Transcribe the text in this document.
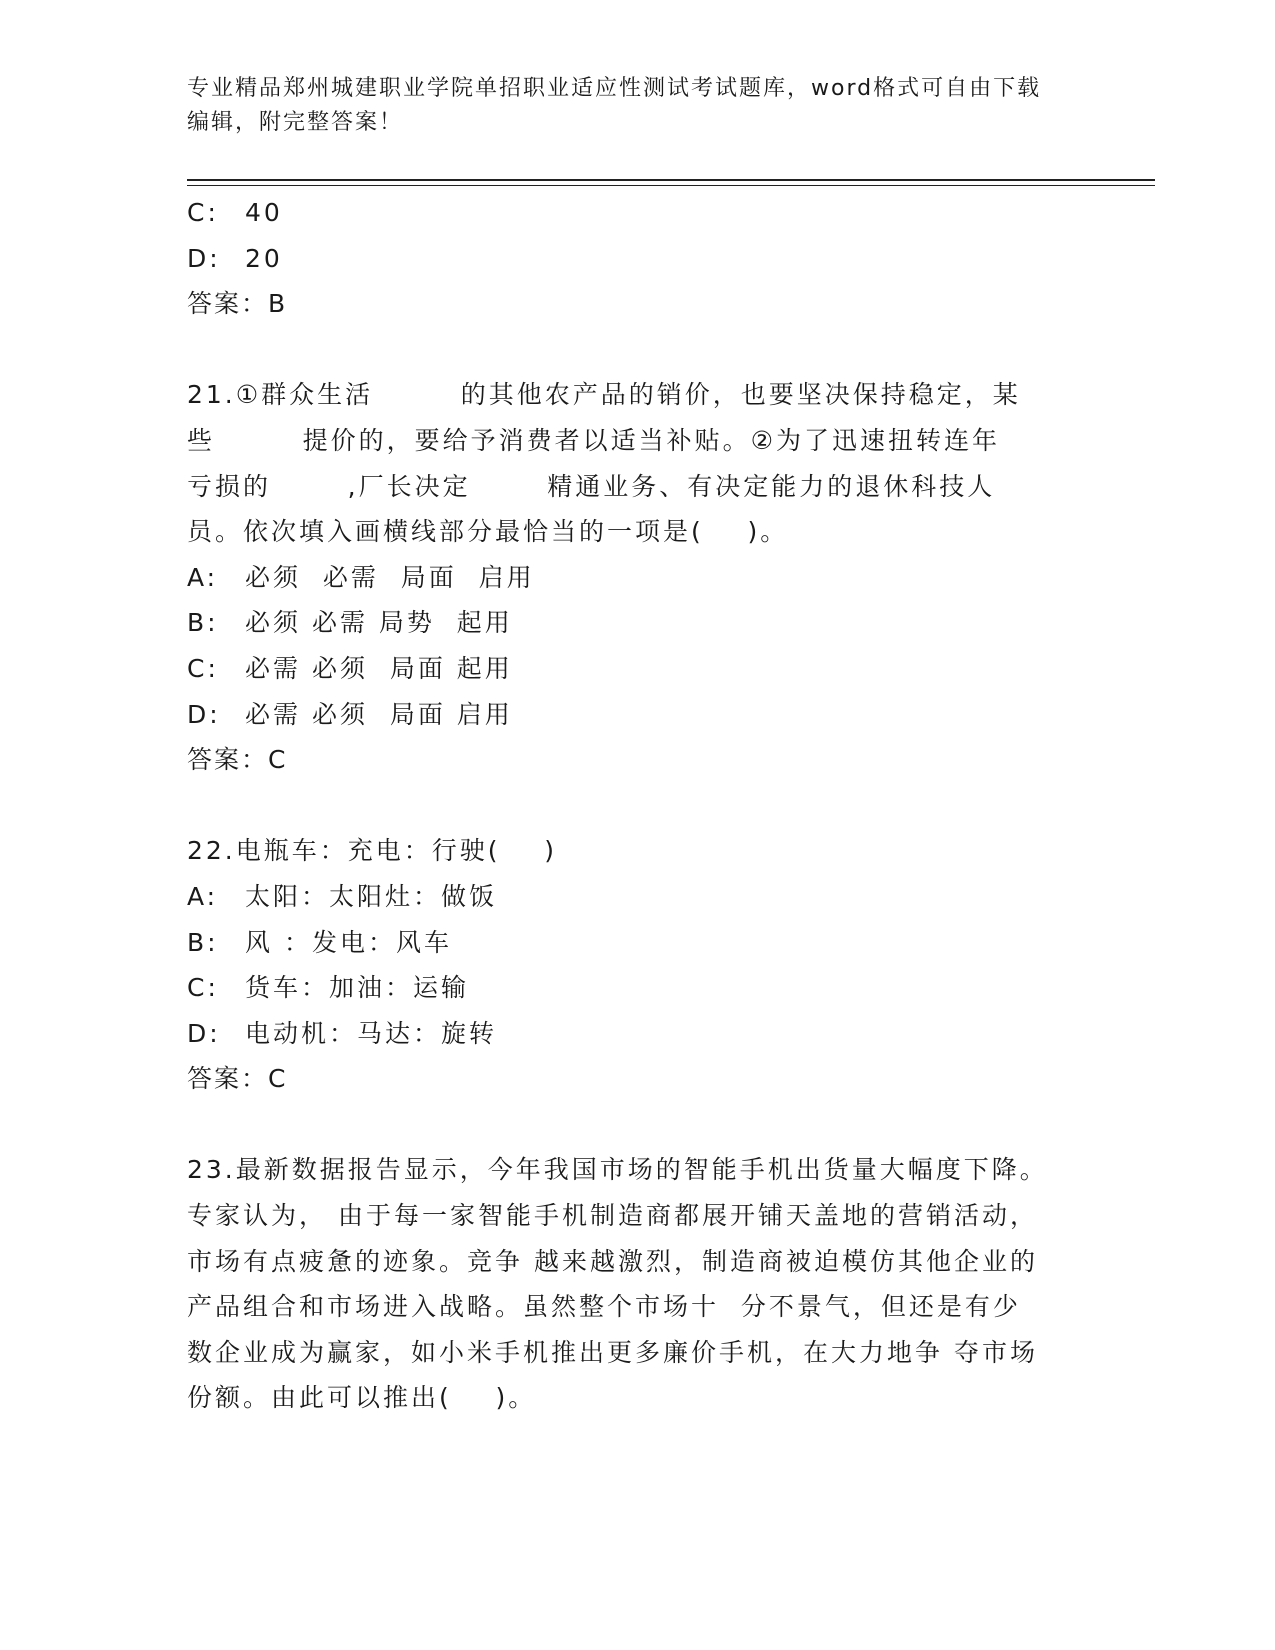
专业精品郑州城建职业学院单招职业适应性测试考试题库，word格式可自由下载
编辑，附完整答案！
C:	40
D: 20
答案：B
21.①群众生活        的其他农产品的销价，也要坚决保持稳定，某
些        提价的，要给予消费者以适当补贴。②为了迅速扭转连年
亏损的       ,厂长决定       精通业务、有决定能力的退休科技人
员。依次填入画横线部分最恰当的一项是(    )。
A:	必须  必需  局面  启用
B:	必须 必需 局势  起用
C:	必需 必须  局面 起用
D: 必需 必须  局面 启用
答案：C
22.电瓶车：充电：行驶(    )
A:	太阳：太阳灶：做饭
B:	风 ：发电：风车
C:	货车：加油：运输
D: 电动机：马达：旋转
答案：C
23.最新数据报告显示，今年我国市场的智能手机出货量大幅度下降。
专家认为， 由于每一家智能手机制造商都展开铺天盖地的营销活动，
市场有点疲惫的迹象。竞争 越来越激烈，制造商被迫模仿其他企业的
产品组合和市场进入战略。虽然整个市场十  分不景气，但还是有少
数企业成为赢家，如小米手机推出更多廉价手机，在大力地争 夺市场
份额。由此可以推出(    )。
